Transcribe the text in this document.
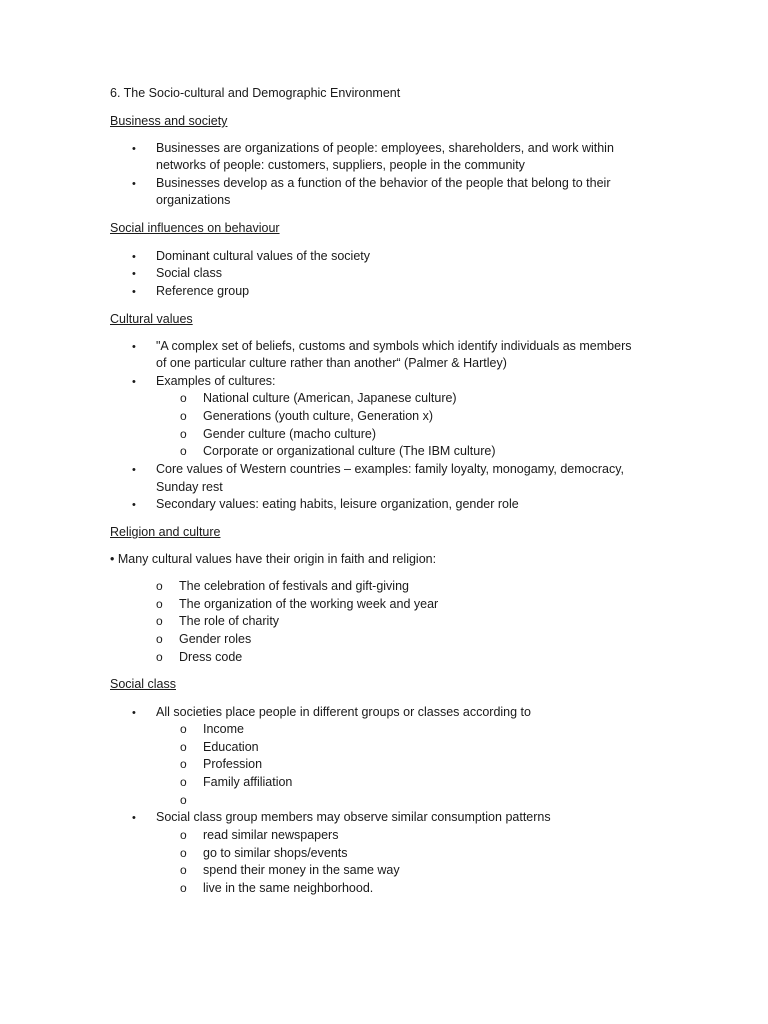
6. The Socio-cultural and Demographic Environment
Business and society
• Businesses are organizations of people: employees, shareholders, and work within
networks of people: customers, suppliers, people in the community
• Businesses develop as a function of the behavior of the people that belong to their
organizations
Social influences on behaviour
• Dominant cultural values of the society
• Social class
• Reference group
Cultural values
• "A complex set of beliefs, customs and symbols which identify individuals as members
of one particular culture rather than another“ (Palmer & Hartley)
• Examples of cultures:
o National culture (American, Japanese culture)
o Generations (youth culture, Generation x)
o Gender culture (macho culture)
o Corporate or organizational culture (The IBM culture)
• Core values of Western countries – examples: family loyalty, monogamy, democracy,
Sunday rest
• Secondary values: eating habits, leisure organization, gender role
Religion and culture
• Many cultural values have their origin in faith and religion:
o The celebration of festivals and gift-giving
o The organization of the working week and year
o The role of charity
o Gender roles
o Dress code
Social class
• All societies place people in different groups or classes according to
o Income
o Education
o Profession
o Family affiliation
o
• Social class group members may observe similar consumption patterns
o read similar newspapers
o go to similar shops/events
o spend their money in the same way
o live in the same neighborhood.
